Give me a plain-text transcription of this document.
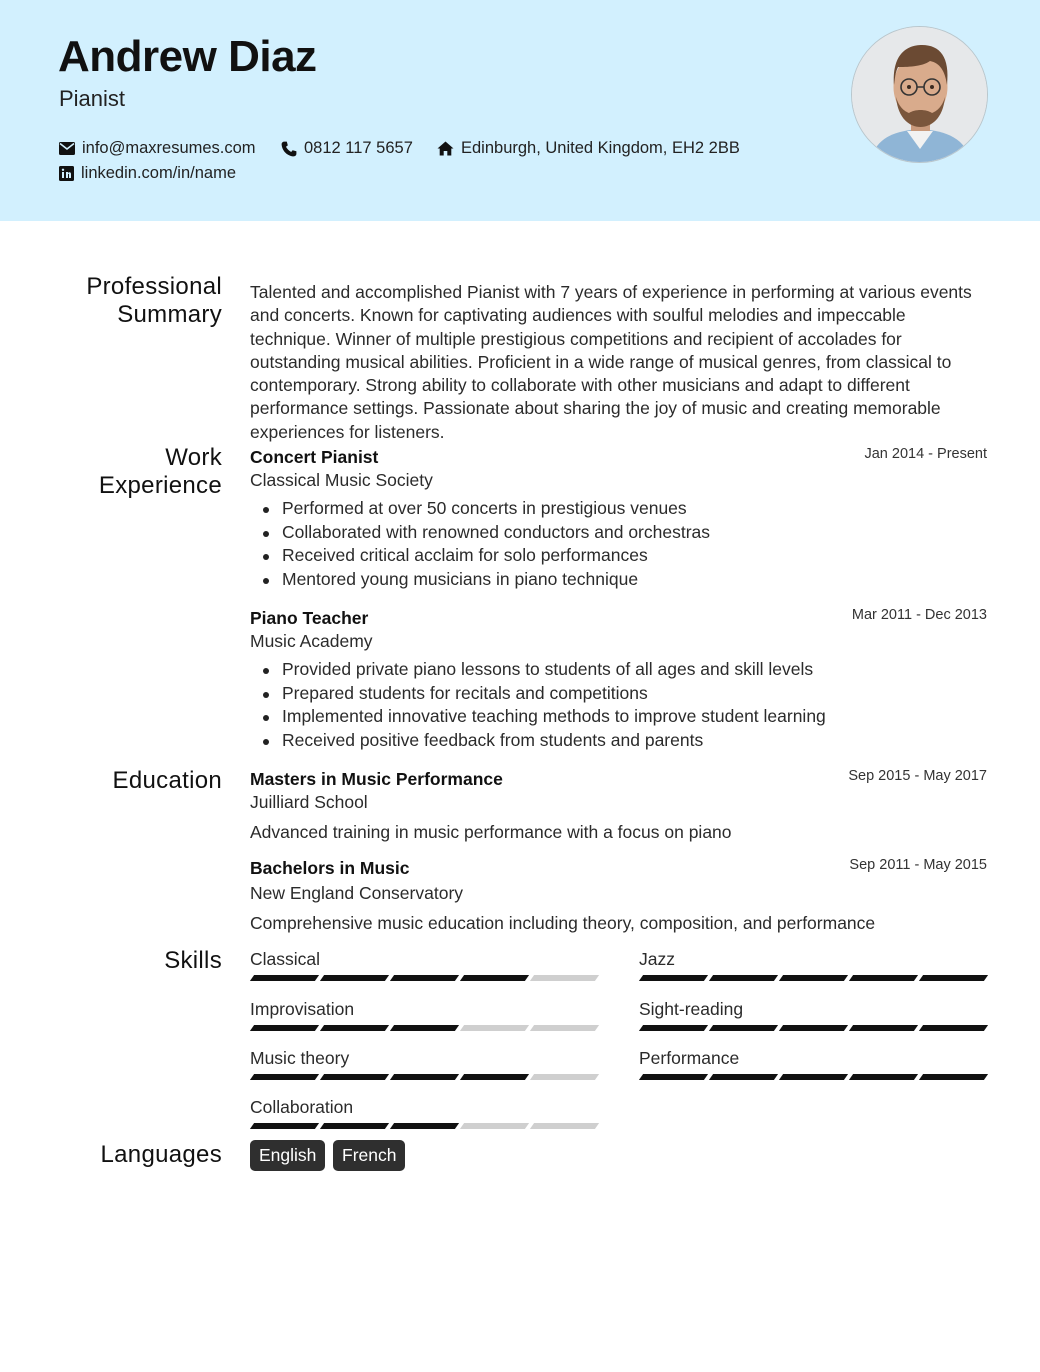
Andrew Diaz
Pianist
info@maxresumes.com	0812 117 5657	Edinburgh, United Kingdom, EH2 2BB
linkedin.com/in/name
Professional
Summary
Work
Experience
Education
Skills
Languages
Talented and accomplished Pianist with 7 years of experience in performing at various events and concerts. Known for captivating audiences with soulful melodies and impeccable technique. Winner of multiple prestigious competitions and recipient of accolades for outstanding musical abilities. Proficient in a wide range of musical genres, from classical to contemporary. Strong ability to collaborate with other musicians and adapt to different performance settings. Passionate about sharing the joy of music and creating memorable experiences for listeners.
Concert Pianist	Jan 2014 - Present
Classical Music Society
Performed at over 50 concerts in prestigious venues
Collaborated with renowned conductors and orchestras
Received critical acclaim for solo performances
Mentored young musicians in piano technique
Piano Teacher	Mar 2011 - Dec 2013
Music Academy
Provided private piano lessons to students of all ages and skill levels
Prepared students for recitals and competitions
Implemented innovative teaching methods to improve student learning
Received positive feedback from students and parents
Masters in Music Performance	Sep 2015 - May 2017
Juilliard School
Advanced training in music performance with a focus on piano
Bachelors in Music	Sep 2011 - May 2015
New England Conservatory
Comprehensive music education including theory, composition, and performance
Classical	Jazz
Improvisation	Sight-reading
Music theory	Performance
Collaboration
English	French
